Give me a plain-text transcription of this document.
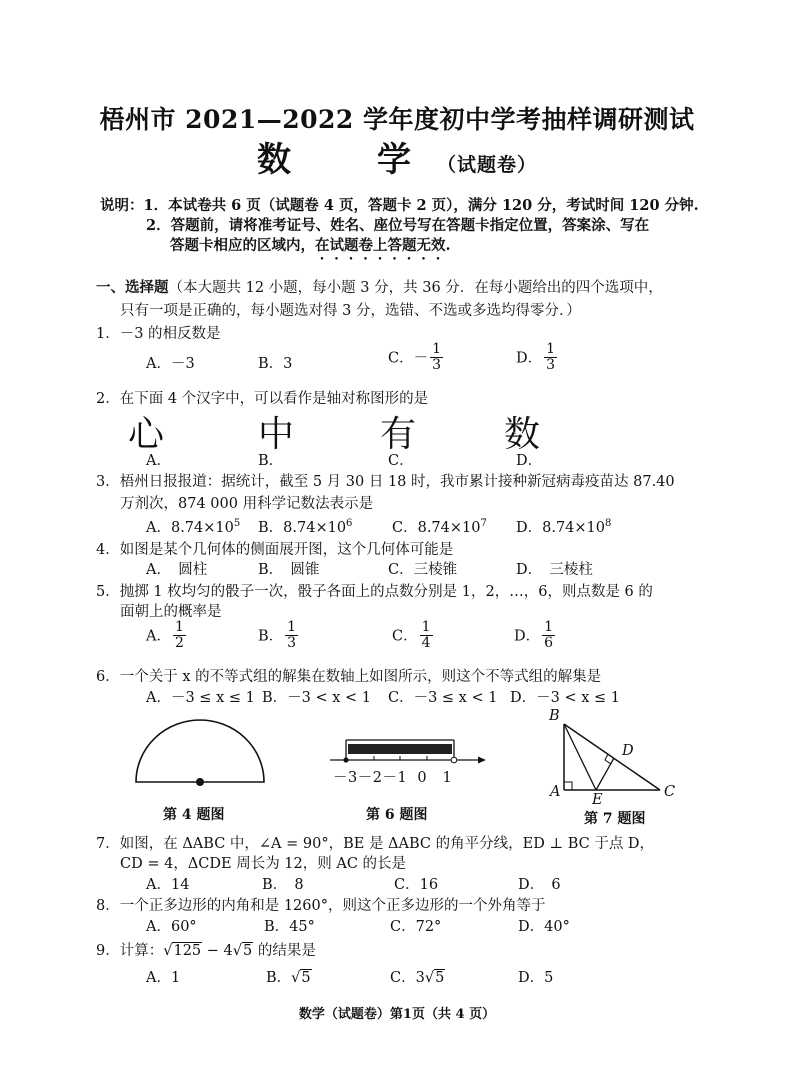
梧州市 2021—2022 学年度初中学考抽样调研测试
数　学（试题卷）
说明：1．本试卷共 6 页（试题卷 4 页，答题卡 2 页），满分 120 分，考试时间 120 分钟.
2．答题前，请将准考证号、姓名、座位号写在答题卡指定位置，答案涂、写在
答题卡相应的区域内，在试题卷上答题无效.
一、选择题（本大题共 12 小题，每小题 3 分，共 36 分．在每小题给出的四个选项中，
只有一项是正确的，每小题选对得 3 分，选错、不选或多选均得零分．）
1．－3 的相反数是
A．－3	B．3	C．－ $\frac{1}{3}$	D． $\frac{1}{3}$
2．在下面 4 个汉字中，可以看作是轴对称图形的是
心	中 有 数
A．	B．	C．	D．
3．梧州日报报道：据统计，截至 5 月 30 日 18 时，我市累计接种新冠病毒疫苗达 87.40
万剂次，874 000 用科学记数法表示是
A．$8.74\times 10^5$ B．$8.74\times 10^6$	C．$8.74\times 10^7$ D．$8.74\times 10^8$
4．如图是某个几何体的侧面展开图，这个几何体可能是
A．　圆柱	B．　圆锥	C．三棱锥	D．　三棱柱
5．抛掷 1 枚均匀的骰子一次，骰子各面上的点数分别是 1，2，…，6，则点数是 6 的
面朝上的概率是
A． $\frac{1}{2}$	B． $\frac{1}{3}$	C． $\frac{1}{4}$	D． $\frac{1}{6}$
6．一个关于 x 的不等式组的解集在数轴上如图所示，则这个不等式组的解集是
A．－3 ≤ x ≤ 1 B．－3 < x < 1 C．－3 ≤ x < 1 D．－3 < x ≤ 1
第 4 题图
－3－2－1 0 1
第 6 题图
B
D
A E	C
第 7 题图
7．如图，在 ΔABC 中，∠A = 90°，BE 是 ΔABC 的角平分线，ED ⊥ BC 于点 D，
CD = 4，ΔCDE 周长为 12，则 AC 的长是
A．14	B．　8	C．16	D．　6
8．一个正多边形的内角和是 1260°，则这个正多边形的一个外角等于
A．60°	B．45°	C．72°	D．40°
9．计算：√125 − 4√5 的结果是
A．1	B．√5	C．3√5	D．5
数学（试题卷）第1页（共 4 页）
